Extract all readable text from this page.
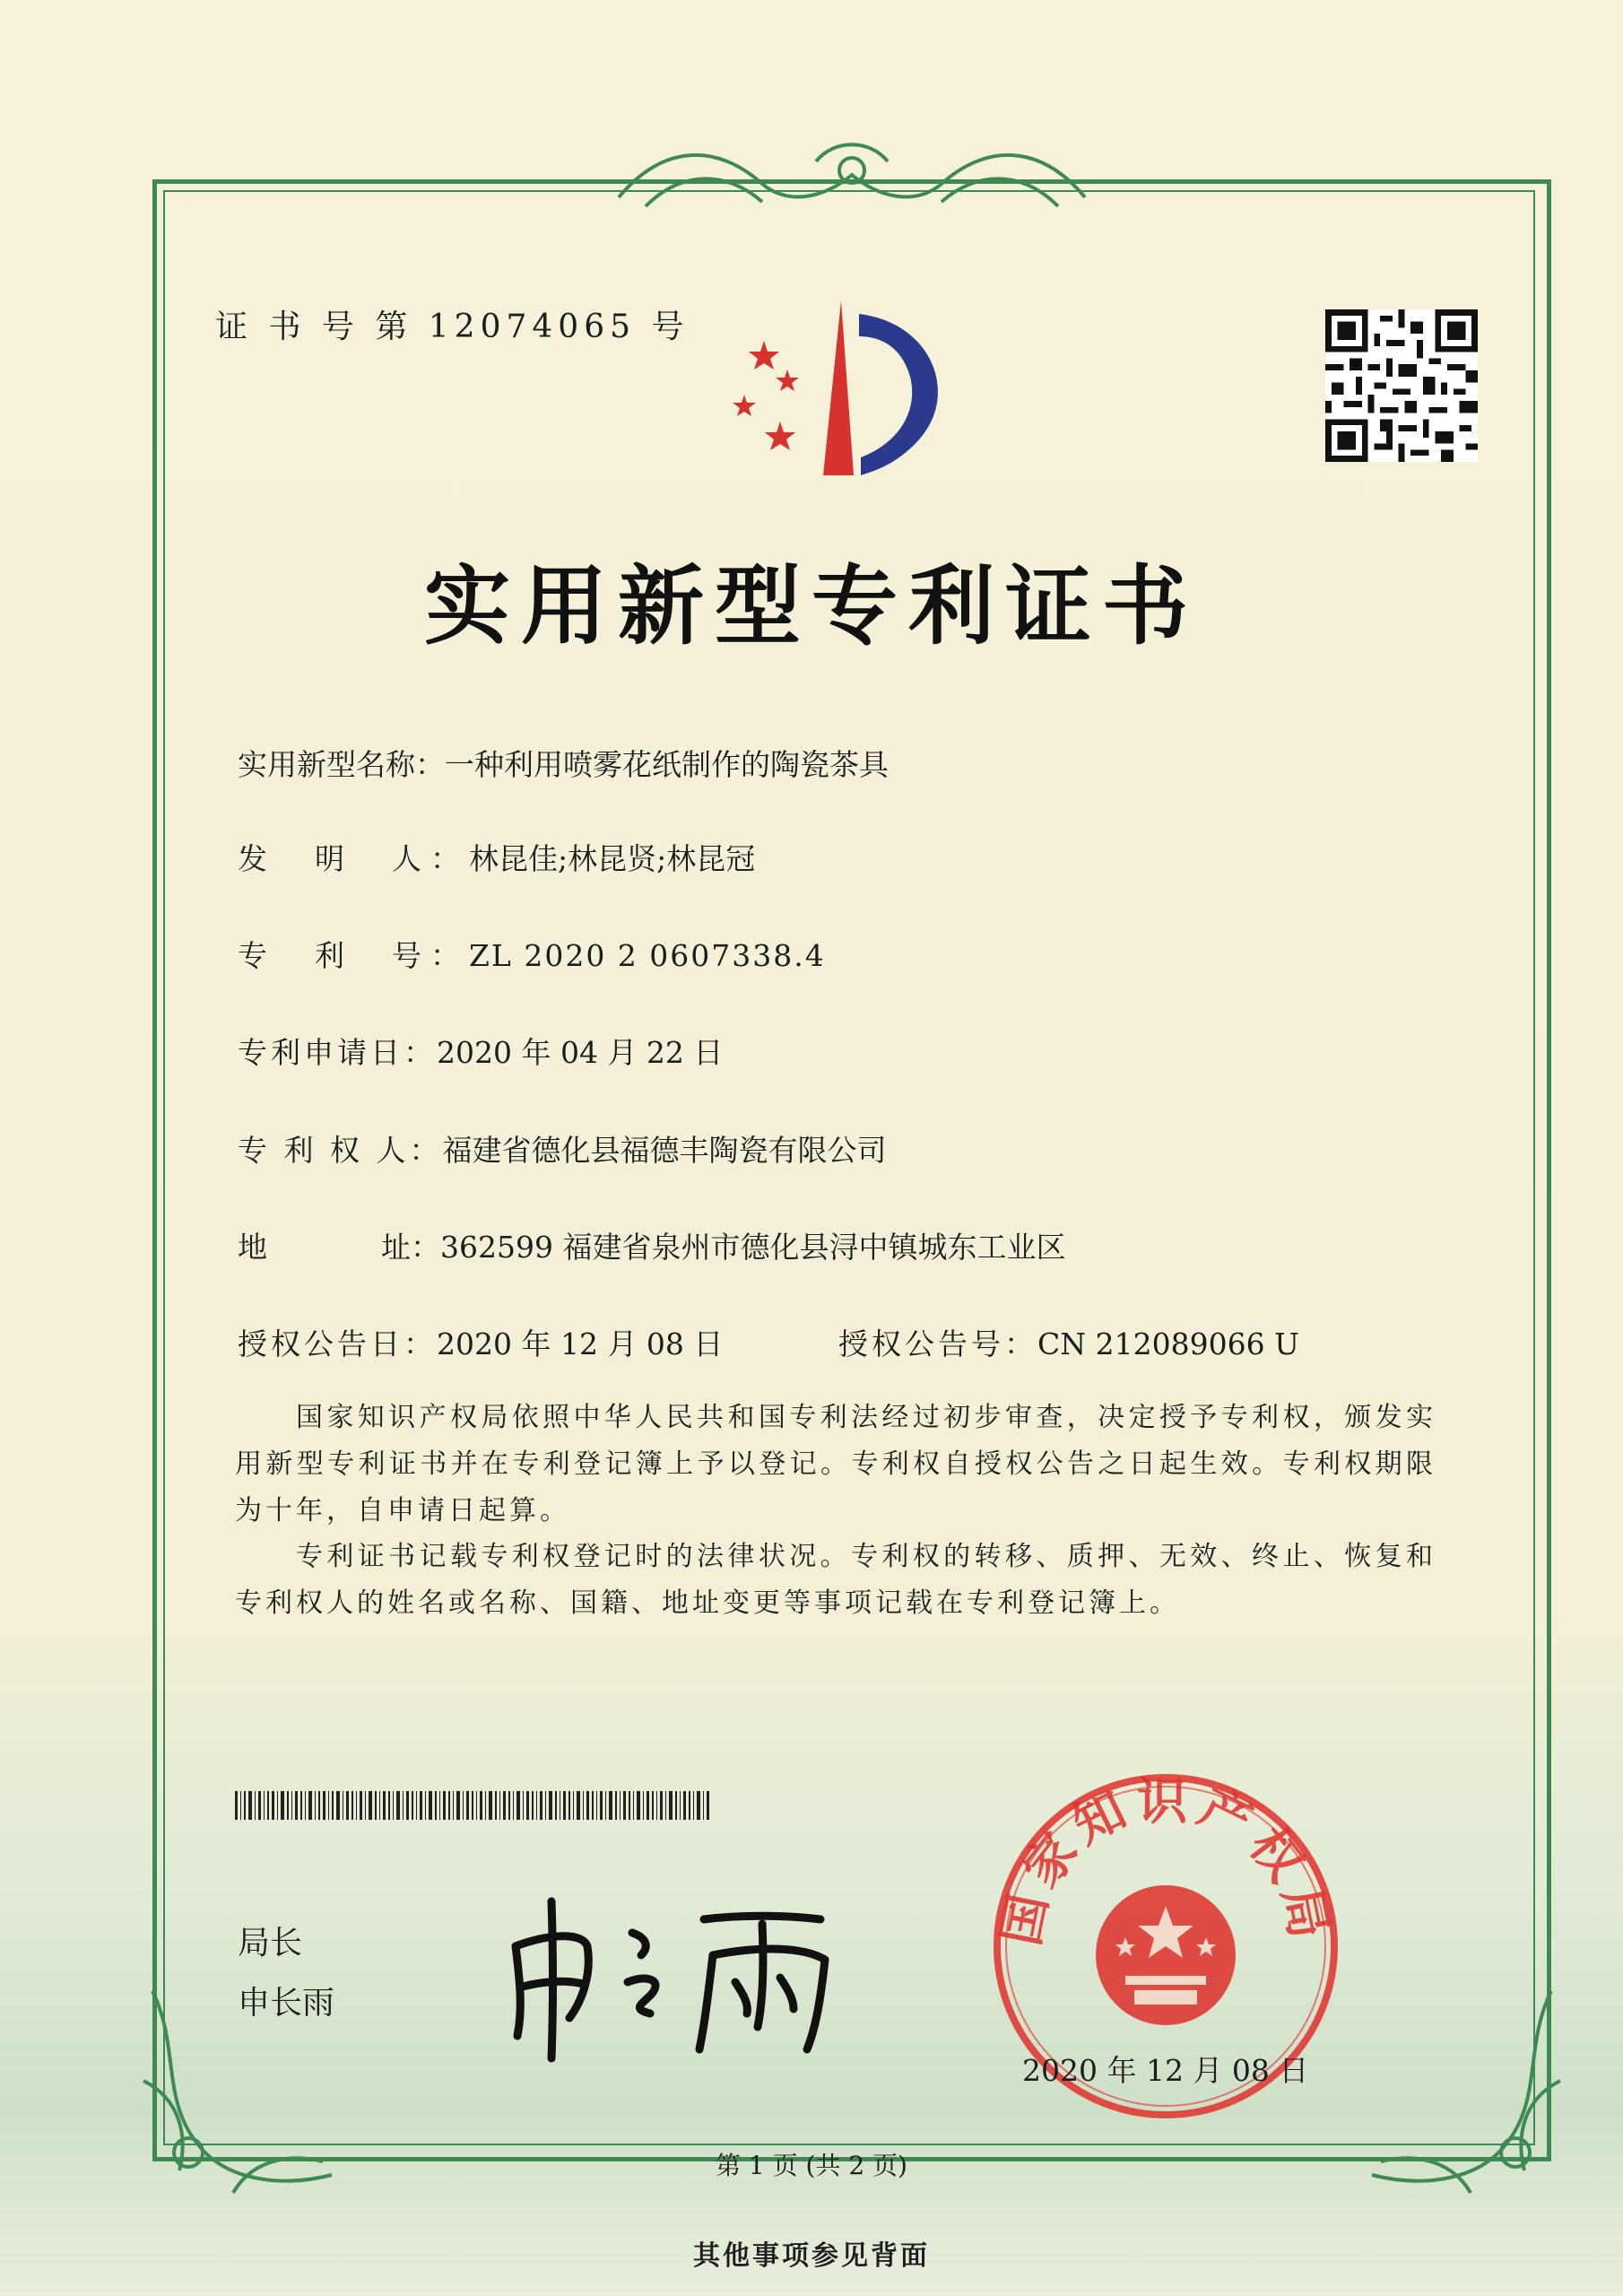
证 书 号 第 12074065 号
实用新型专利证书
实用新型名称：一种利用喷雾花纸制作的陶瓷茶具
发　明　人：林昆佳;林昆贤;林昆冠
专　利　号：ZL 2020 2 0607338.4
专利申请日：2020 年 04 月 22 日
专 利 权 人：福建省德化县福德丰陶瓷有限公司
地	址：362599 福建省泉州市德化县浔中镇城东工业区
授权公告日：2020 年 12 月 08 日	授权公告号：CN 212089066 U
国家知识产权局依照中华人民共和国专利法经过初步审查，决定授予专利权，颁发实用新型专利证书并在专利登记簿上予以登记。专利权自授权公告之日起生效。专利权期限为十年，自申请日起算。
专利证书记载专利权登记时的法律状况。专利权的转移、质押、无效、终止、恢复和专利权人的姓名或名称、国籍、地址变更等事项记载在专利登记簿上。
局长
申长雨
国家知识产权局
2020 年 12 月 08 日
第 1 页 (共 2 页)
其他事项参见背面
